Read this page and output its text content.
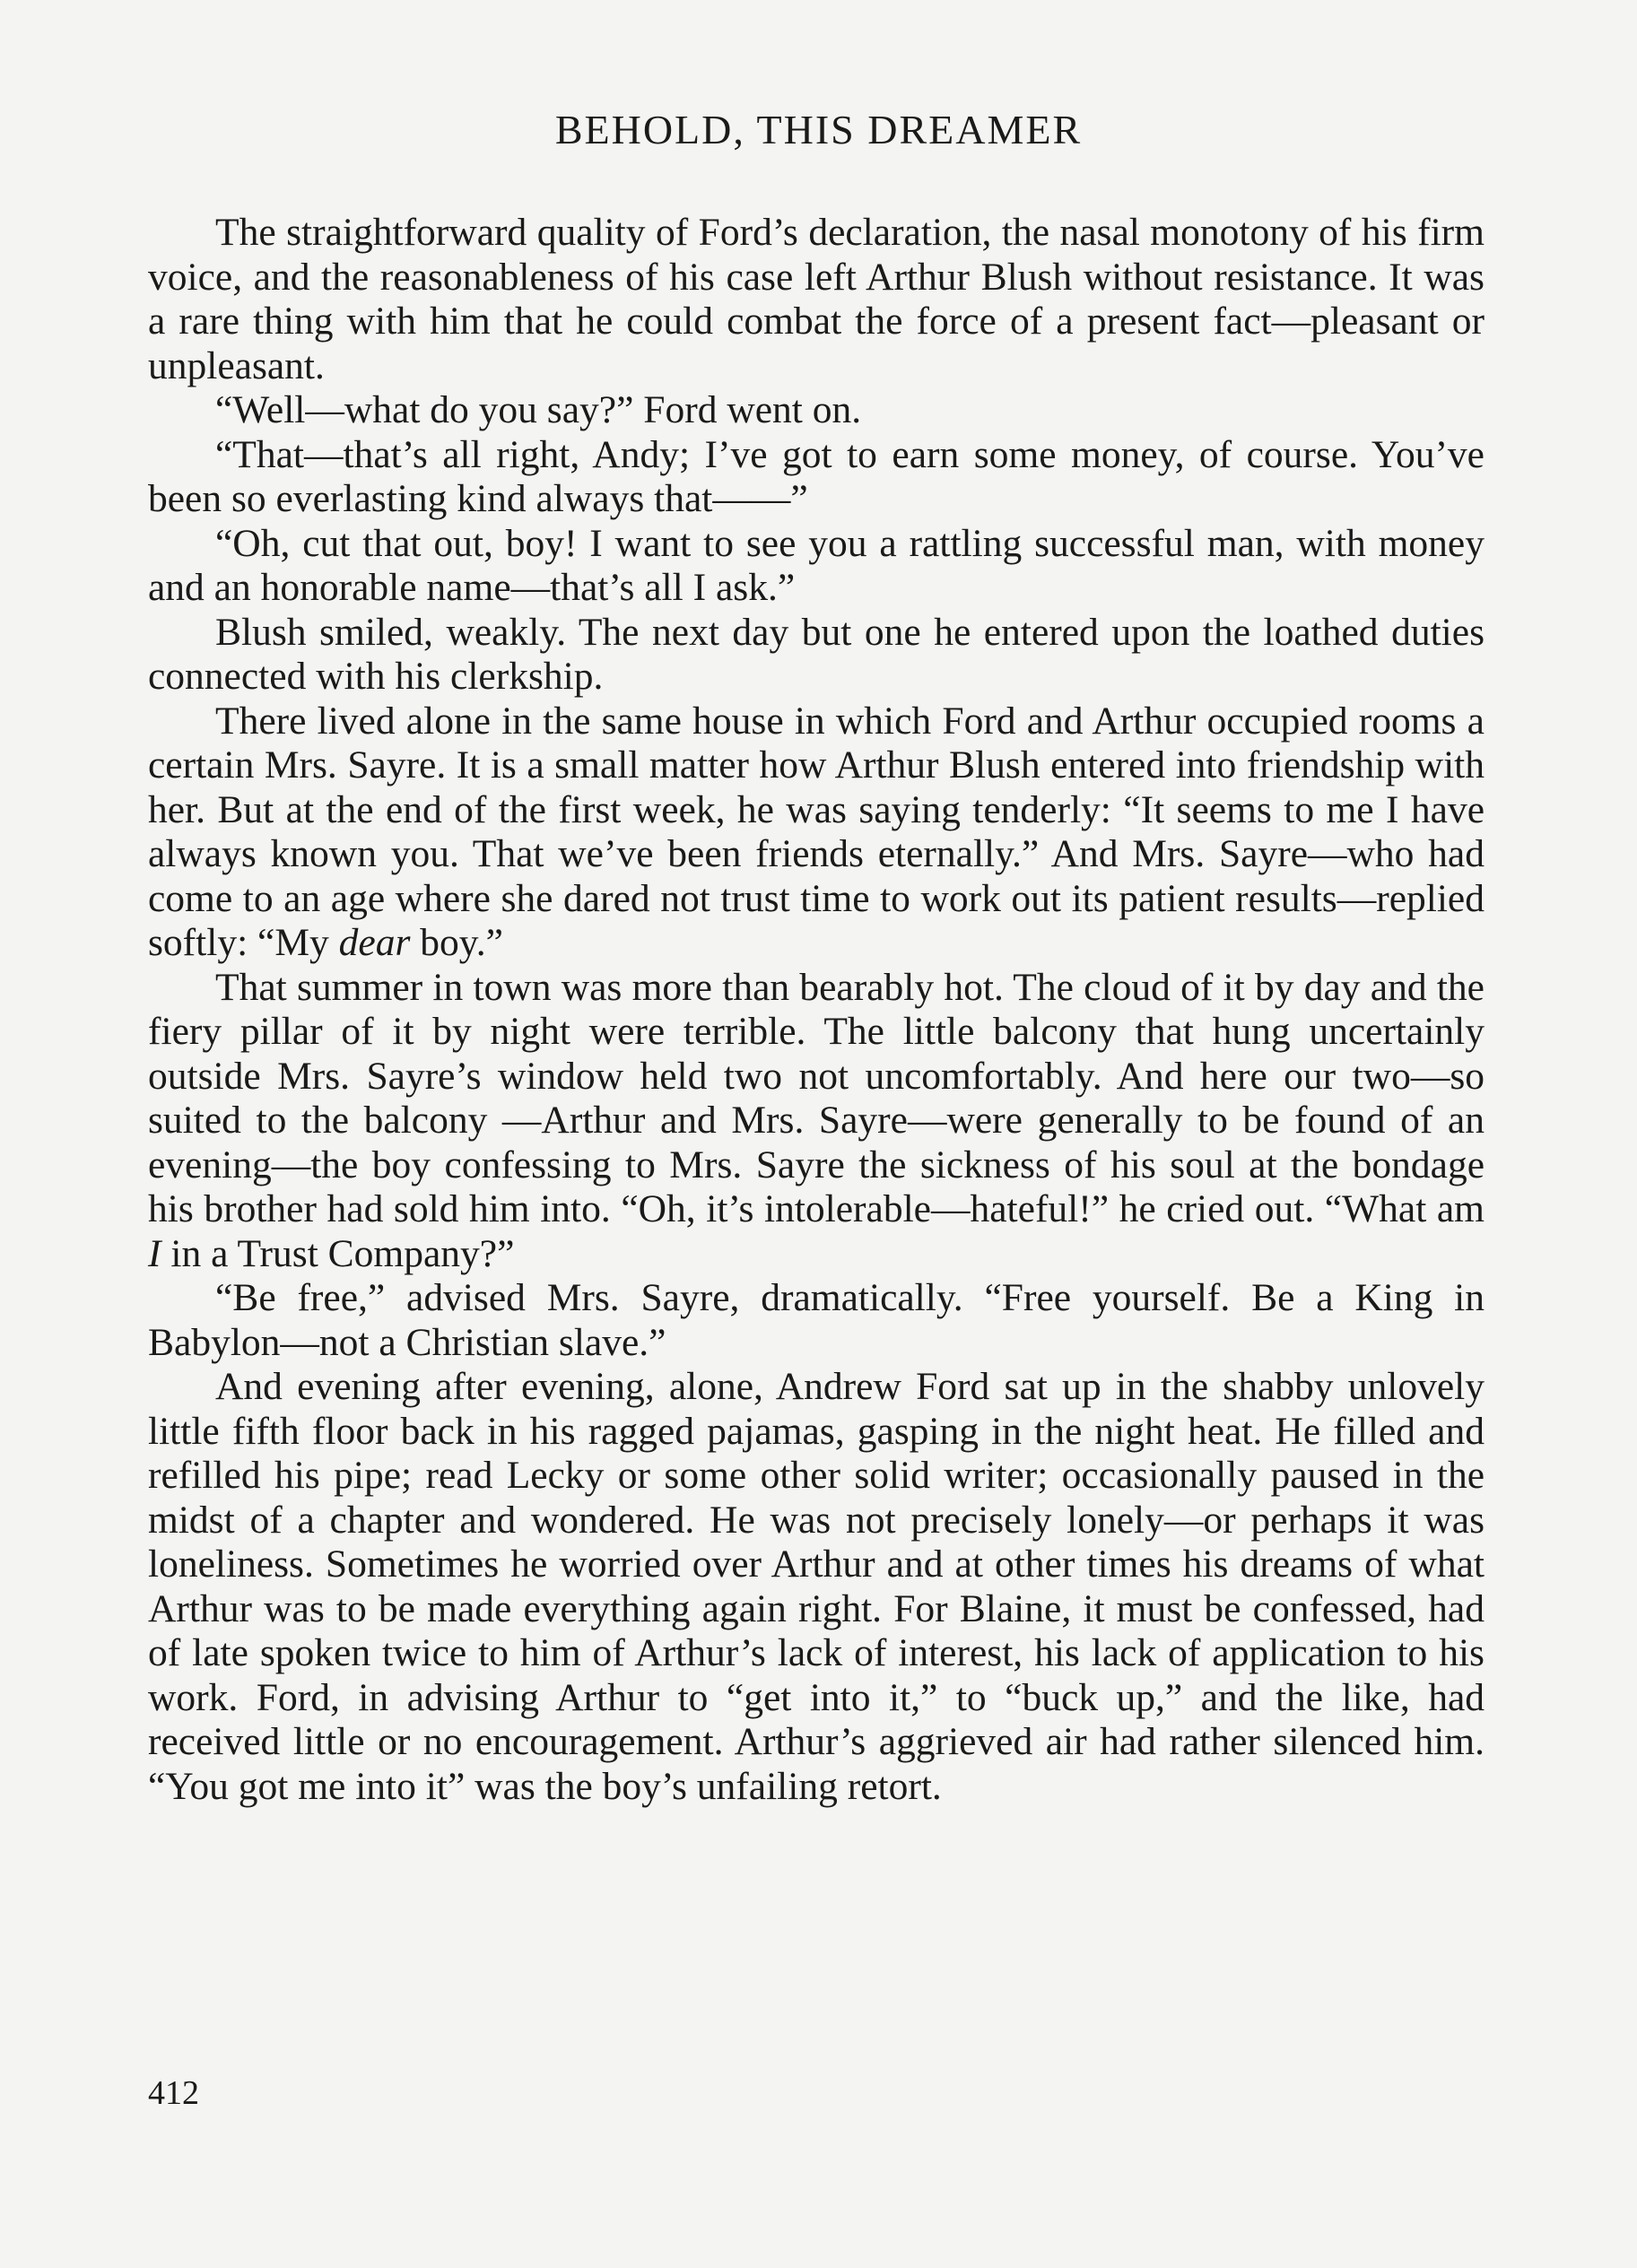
BEHOLD, THIS DREAMER

The straightforward quality of Ford’s declaration, the nasal monotony of his firm voice, and the reasonableness of his case left Arthur Blush without resistance. It was a rare thing with him that he could combat the force of a present fact—pleasant or unpleasant.

“Well—what do you say?” Ford went on.

“That—that’s all right, Andy; I’ve got to earn some money, of course. You’ve been so everlasting kind always that——”

“Oh, cut that out, boy! I want to see you a rattling successful man, with money and an honorable name—that’s all I ask.”

Blush smiled, weakly. The next day but one he entered upon the loathed duties connected with his clerkship.

There lived alone in the same house in which Ford and Arthur occupied rooms a certain Mrs. Sayre. It is a small matter how Arthur Blush entered into friendship with her. But at the end of the first week, he was saying tenderly: “It seems to me I have always known you. That we’ve been friends eternally.” And Mrs. Sayre—who had come to an age where she dared not trust time to work out its patient results—replied softly: “My dear boy.”

That summer in town was more than bearably hot. The cloud of it by day and the fiery pillar of it by night were terrible. The little balcony that hung uncertainly outside Mrs. Sayre’s window held two not uncomfortably. And here our two—so suited to the balcony —Arthur and Mrs. Sayre—were generally to be found of an evening—the boy confessing to Mrs. Sayre the sickness of his soul at the bondage his brother had sold him into. “Oh, it’s intolerable—hateful!” he cried out. “What am I in a Trust Company?”

“Be free,” advised Mrs. Sayre, dramatically. “Free yourself. Be a King in Babylon—not a Christian slave.”

And evening after evening, alone, Andrew Ford sat up in the shabby unlovely little fifth floor back in his ragged pajamas, gasping in the night heat. He filled and refilled his pipe; read Lecky or some other solid writer; occasionally paused in the midst of a chapter and wondered. He was not precisely lonely—or perhaps it was loneliness. Sometimes he worried over Arthur and at other times his dreams of what Arthur was to be made everything again right. For Blaine, it must be confessed, had of late spoken twice to him of Arthur’s lack of interest, his lack of application to his work. Ford, in advising Arthur to “get into it,” to “buck up,” and the like, had received little or no encouragement. Arthur’s aggrieved air had rather silenced him. “You got me into it” was the boy’s unfailing retort.

412
